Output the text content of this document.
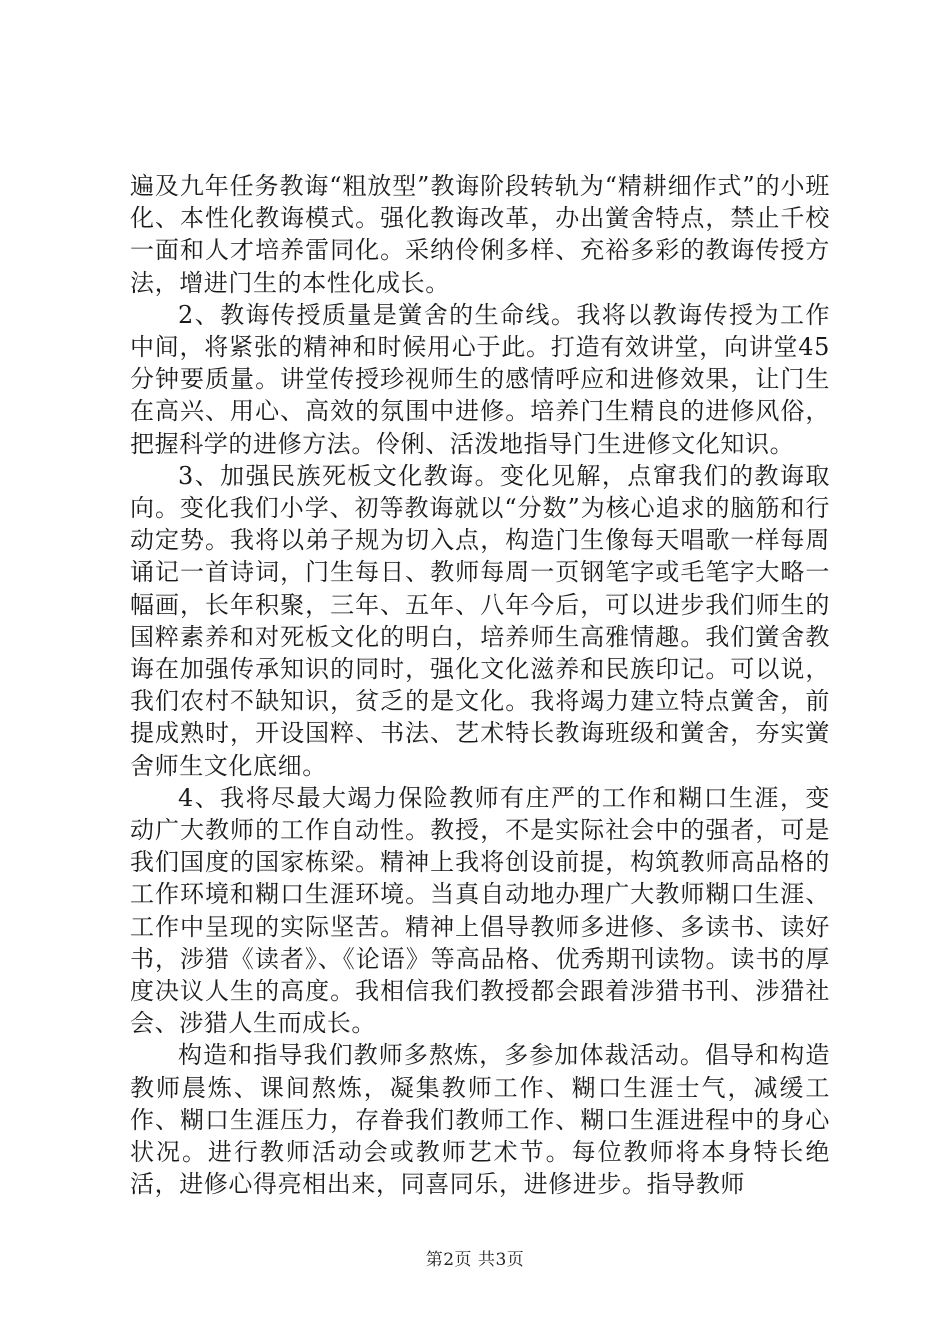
遍及九年任务教诲“粗放型”教诲阶段转轨为“精耕细作式”的小班化、本性化教诲模式。强化教诲改革，办出黉舍特点，禁止千校一面和人才培养雷同化。采纳伶俐多样、充裕多彩的教诲传授方法，增进门生的本性化成长。

2、教诲传授质量是黉舍的生命线。我将以教诲传授为工作中间，将紧张的精神和时候用心于此。打造有效讲堂，向讲堂45分钟要质量。讲堂传授珍视师生的感情呼应和进修效果，让门生在高兴、用心、高效的氛围中进修。培养门生精良的进修风俗，把握科学的进修方法。伶俐、活泼地指导门生进修文化知识。

3、加强民族死板文化教诲。变化见解，点窜我们的教诲取向。变化我们小学、初等教诲就以“分数”为核心追求的脑筋和行动定势。我将以弟子规为切入点，构造门生像每天唱歌一样每周诵记一首诗词，门生每日、教师每周一页钢笔字或毛笔字大略一幅画，长年积聚，三年、五年、八年今后，可以进步我们师生的国粹素养和对死板文化的明白，培养师生高雅情趣。我们黉舍教诲在加强传承知识的同时，强化文化滋养和民族印记。可以说，我们农村不缺知识，贫乏的是文化。我将竭力建立特点黉舍，前提成熟时，开设国粹、书法、艺术特长教诲班级和黉舍，夯实黉舍师生文化底细。

4、我将尽最大竭力保险教师有庄严的工作和糊口生涯，变动广大教师的工作自动性。教授，不是实际社会中的强者，可是我们国度的国家栋梁。精神上我将创设前提，构筑教师高品格的工作环境和糊口生涯环境。当真自动地办理广大教师糊口生涯、工作中呈现的实际坚苦。精神上倡导教师多进修、多读书、读好书，涉猎《读者》、《论语》等高品格、优秀期刊读物。读书的厚度决议人生的高度。我相信我们教授都会跟着涉猎书刊、涉猎社会、涉猎人生而成长。

构造和指导我们教师多熬炼，多参加体裁活动。倡导和构造教师晨炼、课间熬炼，凝集教师工作、糊口生涯士气，减缓工作、糊口生涯压力，存眷我们教师工作、糊口生涯进程中的身心状况。进行教师活动会或教师艺术节。每位教师将本身特长绝活，进修心得亮相出来，同喜同乐，进修进步。指导教师

第2页 共3页
